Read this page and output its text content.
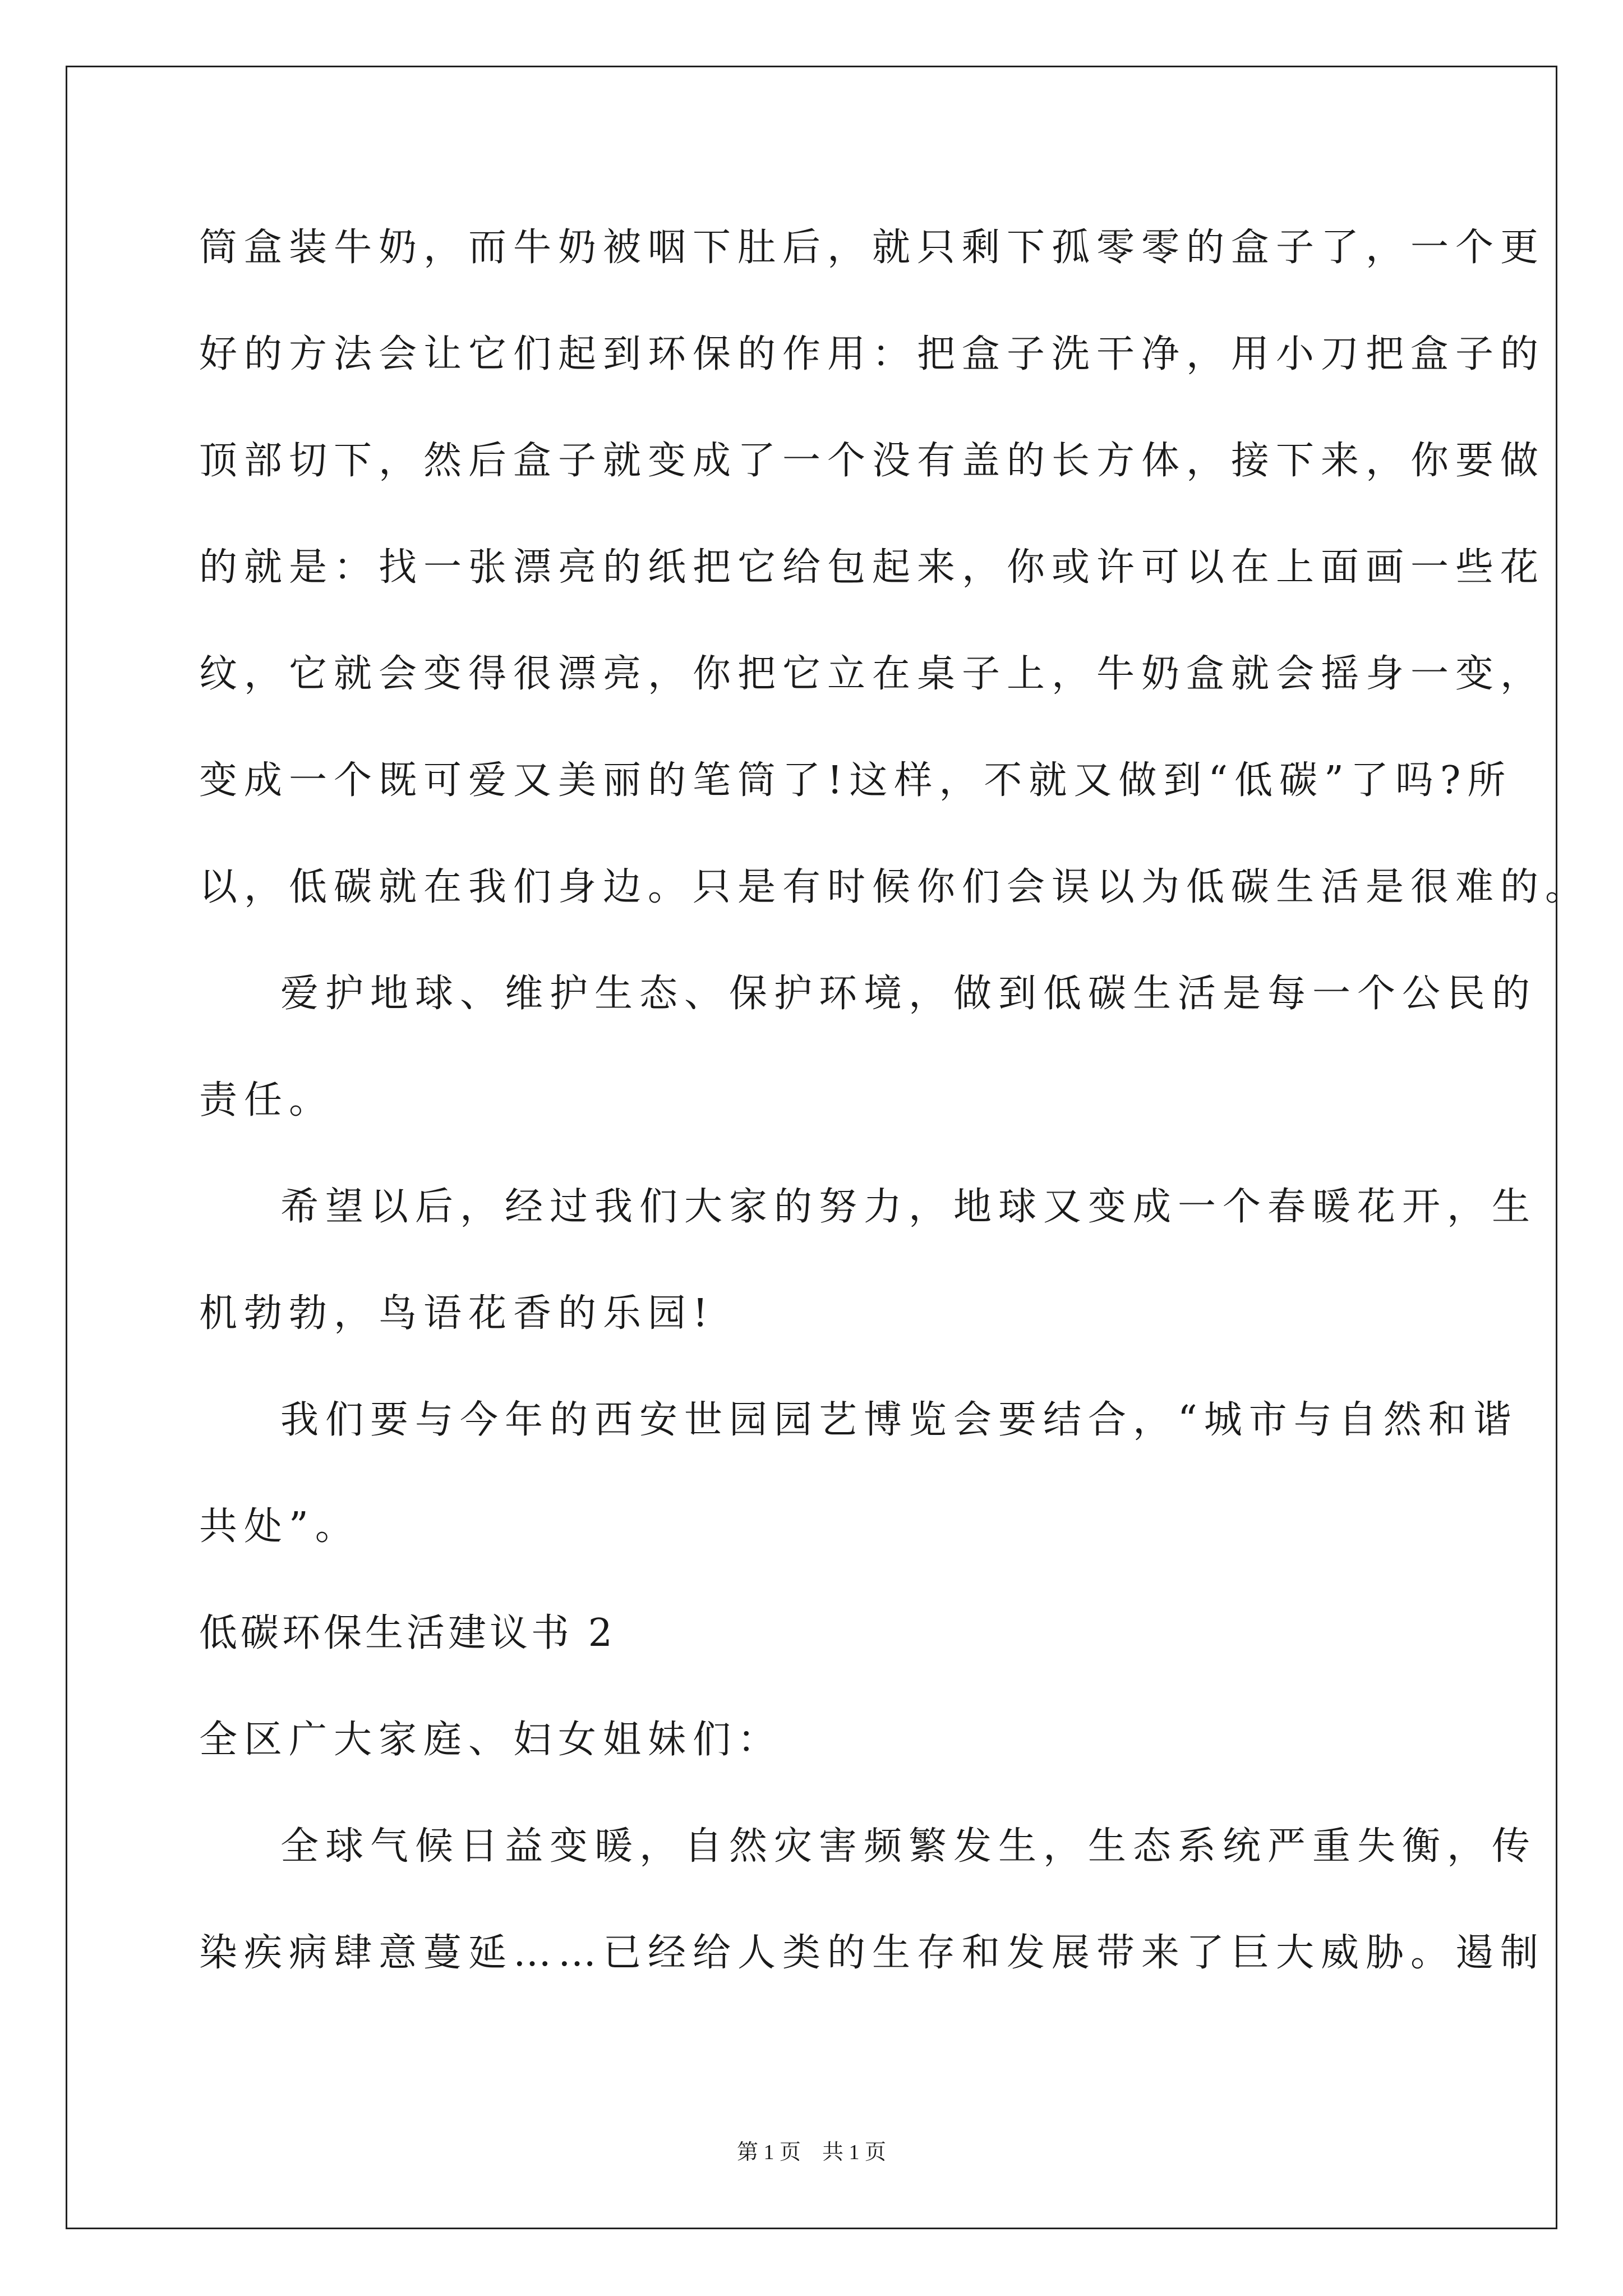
筒盒装牛奶，而牛奶被咽下肚后，就只剩下孤零零的盒子了，一个更
好的方法会让它们起到环保的作用：把盒子洗干净，用小刀把盒子的
顶部切下，然后盒子就变成了一个没有盖的长方体，接下来，你要做
的就是：找一张漂亮的纸把它给包起来，你或许可以在上面画一些花
纹，它就会变得很漂亮，你把它立在桌子上，牛奶盒就会摇身一变，
变成一个既可爱又美丽的笔筒了!这样，不就又做到“低碳”了吗?所
以，低碳就在我们身边。只是有时候你们会误以为低碳生活是很难的。
爱护地球、维护生态、保护环境，做到低碳生活是每一个公民的
责任。
希望以后，经过我们大家的努力，地球又变成一个春暖花开，生
机勃勃，鸟语花香的乐园!
我们要与今年的西安世园园艺博览会要结合，“城市与自然和谐
共处”。
低碳环保生活建议书 2
全区广大家庭、妇女姐妹们：
全球气候日益变暖，自然灾害频繁发生，生态系统严重失衡，传
染疾病肆意蔓延……已经给人类的生存和发展带来了巨大威胁。遏制
第 1 页　共 1 页
